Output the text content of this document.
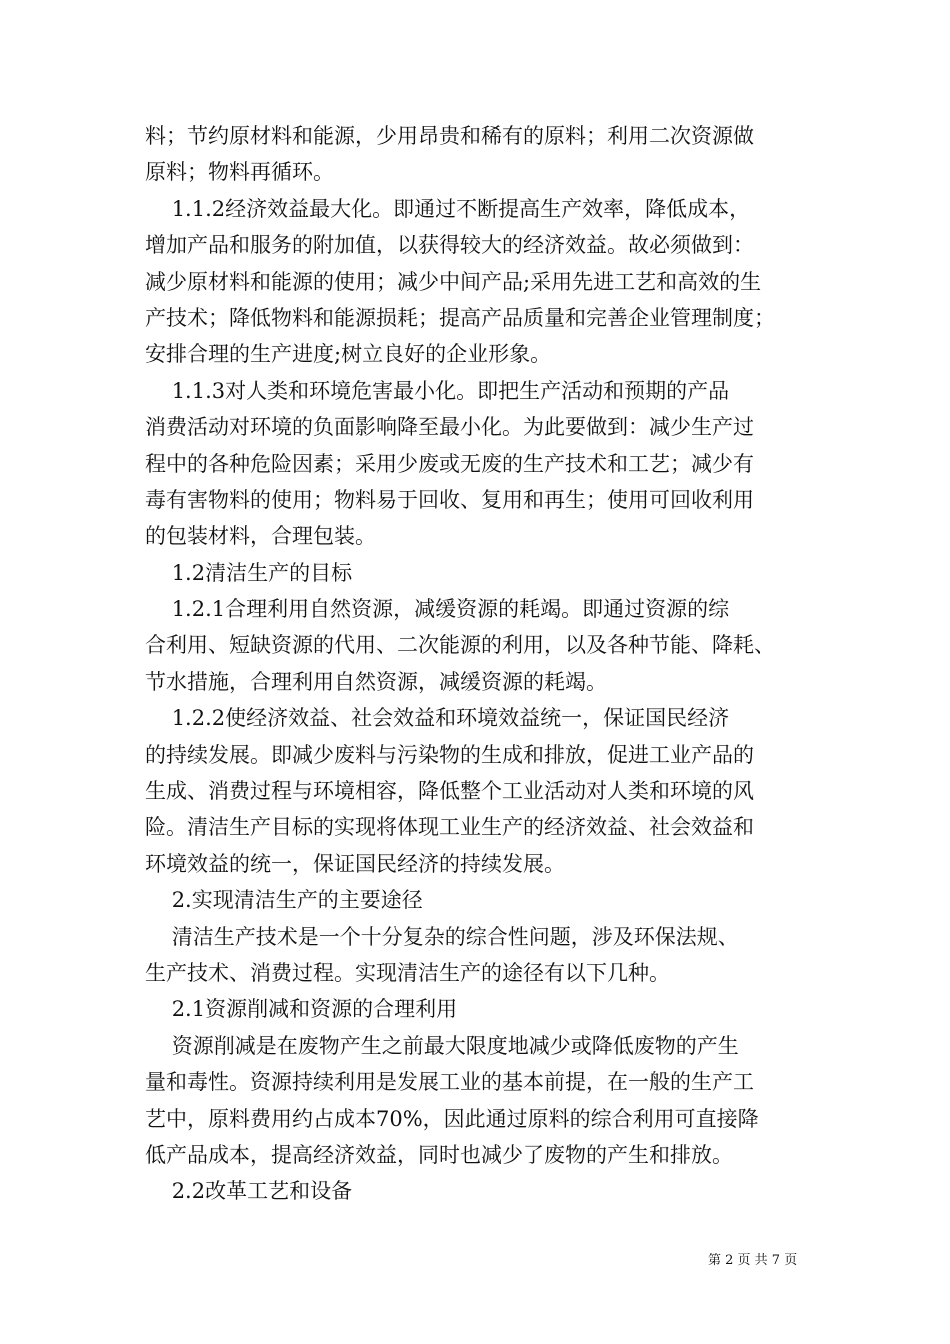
料；节约原材料和能源，少用昂贵和稀有的原料；利用二次资源做
原料；物料再循环。
1.1.2经济效益最大化。即通过不断提高生产效率，降低成本，
增加产品和服务的附加值，以获得较大的经济效益。故必须做到：
减少原材料和能源的使用；减少中间产品;采用先进工艺和高效的生
产技术；降低物料和能源损耗；提高产品质量和完善企业管理制度；
安排合理的生产进度;树立良好的企业形象。
1.1.3对人类和环境危害最小化。即把生产活动和预期的产品
消费活动对环境的负面影响降至最小化。为此要做到：减少生产过
程中的各种危险因素；采用少废或无废的生产技术和工艺；减少有
毒有害物料的使用；物料易于回收、复用和再生；使用可回收利用
的包装材料，合理包装。
1.2清洁生产的目标
1.2.1合理利用自然资源，减缓资源的耗竭。即通过资源的综
合利用、短缺资源的代用、二次能源的利用，以及各种节能、降耗、
节水措施，合理利用自然资源，减缓资源的耗竭。
1.2.2使经济效益、社会效益和环境效益统一，保证国民经济
的持续发展。即减少废料与污染物的生成和排放，促进工业产品的
生成、消费过程与环境相容，降低整个工业活动对人类和环境的风
险。清洁生产目标的实现将体现工业生产的经济效益、社会效益和
环境效益的统一，保证国民经济的持续发展。
2.实现清洁生产的主要途径
清洁生产技术是一个十分复杂的综合性问题，涉及环保法规、
生产技术、消费过程。实现清洁生产的途径有以下几种。
2.1资源削减和资源的合理利用
资源削减是在废物产生之前最大限度地减少或降低废物的产生
量和毒性。资源持续利用是发展工业的基本前提，在一般的生产工
艺中，原料费用约占成本70%，因此通过原料的综合利用可直接降
低产品成本，提高经济效益，同时也减少了废物的产生和排放。
2.2改革工艺和设备
第 2 页 共 7 页
